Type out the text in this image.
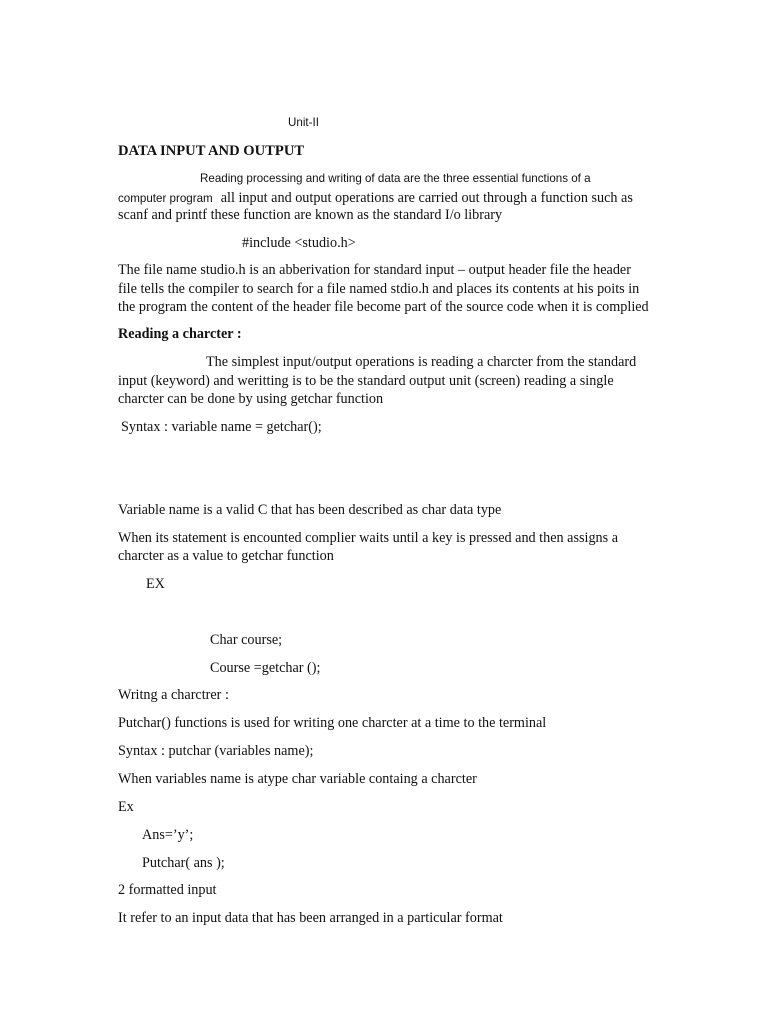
Unit-II
DATA INPUT AND OUTPUT
Reading processing and writing of data are the three essential functions of a
computer program all input and output operations are carried out through a function such as
scanf and printf these function are known as the standard I/o library
#include <studio.h>
The file name studio.h is an abberivation for standard input – output header file the header
file tells the compiler to search for a file named stdio.h and places its contents at his poits in
the program the content of the header file become part of the source code when it is complied
Reading a charcter :
The simplest input/output operations is reading a charcter from the standard
input (keyword) and weritting is to be the standard output unit (screen) reading a single
charcter can be done by using getchar function
Syntax : variable name = getchar();
Variable name is a valid C that has been described as char data type
When its statement is encounted complier waits until a key is pressed and then assigns a
charcter as a value to getchar function
EX
Char course;
Course =getchar ();
Writng a charctrer :
Putchar() functions is used for writing one charcter at a time to the terminal
Syntax : putchar (variables name);
When variables name is atype char variable containg a charcter
Ex
Ans=’y’;
Putchar( ans );
2 formatted input
It refer to an input data that has been arranged in a particular format
